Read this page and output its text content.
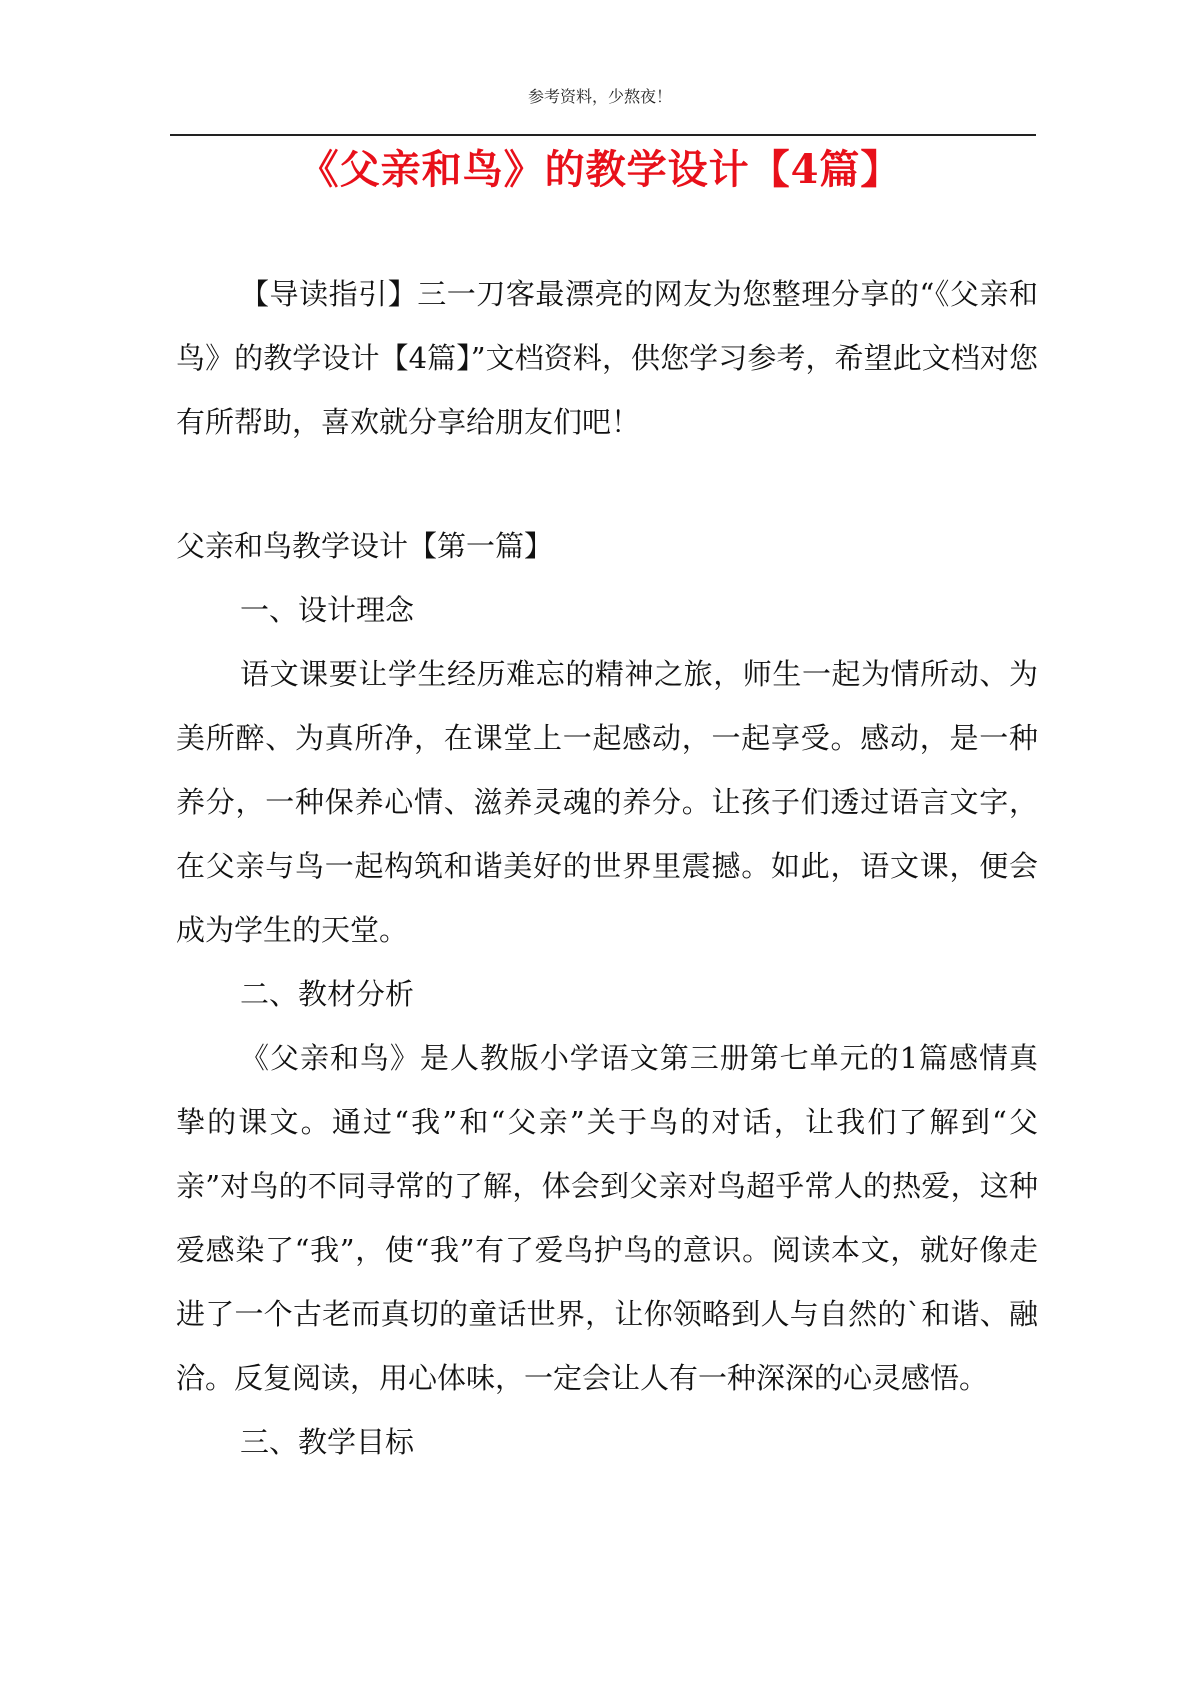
参考资料，少熬夜！
《父亲和鸟》的教学设计【4篇】

【导读指引】三一刀客最漂亮的网友为您整理分享的“《父亲和鸟》的教学设计【4篇】”文档资料，供您学习参考，希望此文档对您有所帮助，喜欢就分享给朋友们吧！

父亲和鸟教学设计【第一篇】

一、设计理念

语文课要让学生经历难忘的精神之旅，师生一起为情所动、为美所醉、为真所净，在课堂上一起感动，一起享受。感动，是一种养分，一种保养心情、滋养灵魂的养分。让孩子们透过语言文字，在父亲与鸟一起构筑和谐美好的世界里震撼。如此，语文课，便会成为学生的天堂。

二、教材分析

《父亲和鸟》是人教版小学语文第三册第七单元的1篇感情真挚的课文。通过“我”和“父亲”关于鸟的对话，让我们了解到“父亲”对鸟的不同寻常的了解，体会到父亲对鸟超乎常人的热爱，这种爱感染了“我”，使“我”有了爱鸟护鸟的意识。阅读本文，就好像走进了一个古老而真切的童话世界，让你领略到人与自然的`和谐、融洽。反复阅读，用心体味，一定会让人有一种深深的心灵感悟。

三、教学目标
